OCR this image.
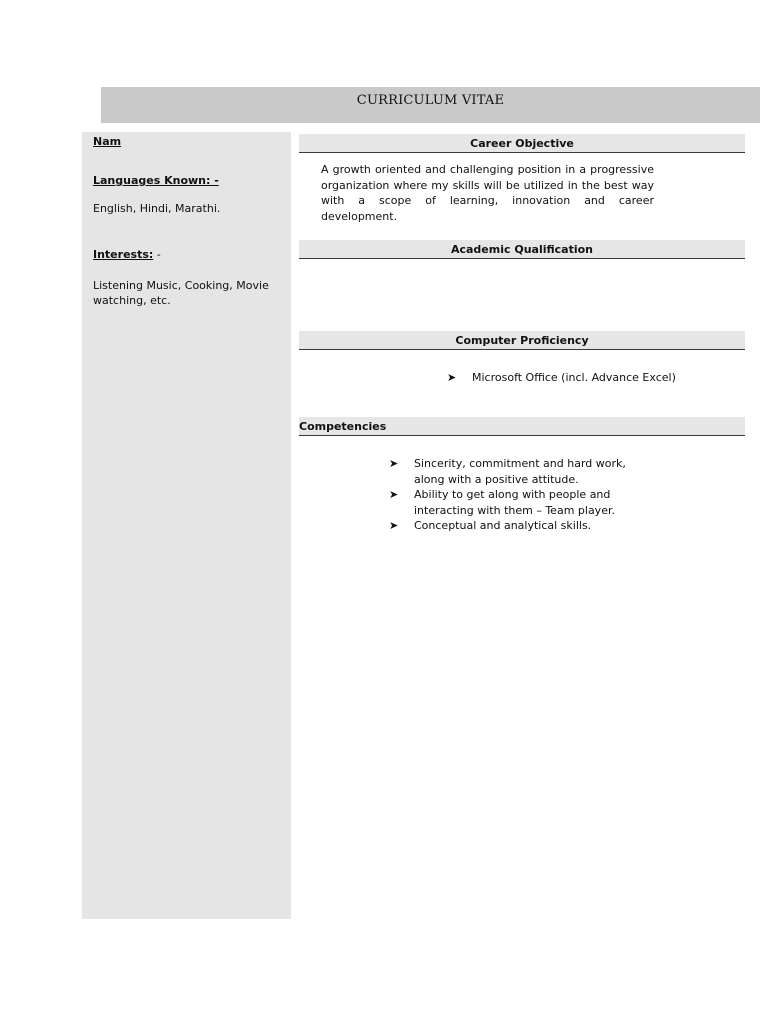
CURRICULUM VITAE
Nam
Languages Known: -
English, Hindi, Marathi.
Interests: -
Listening Music, Cooking, Movie
watching, etc.
Career Objective
A growth oriented and challenging position in a progressive organization where my skills will be utilized in the best way with a scope of learning, innovation and career development.
Academic Qualification
Computer Proficiency
➤ Microsoft Office (incl. Advance Excel)
Competencies
➤ Sincerity, commitment and hard work,
along with a positive attitude.
➤ Ability to get along with people and
interacting with them – Team player.
➤ Conceptual and analytical skills.
